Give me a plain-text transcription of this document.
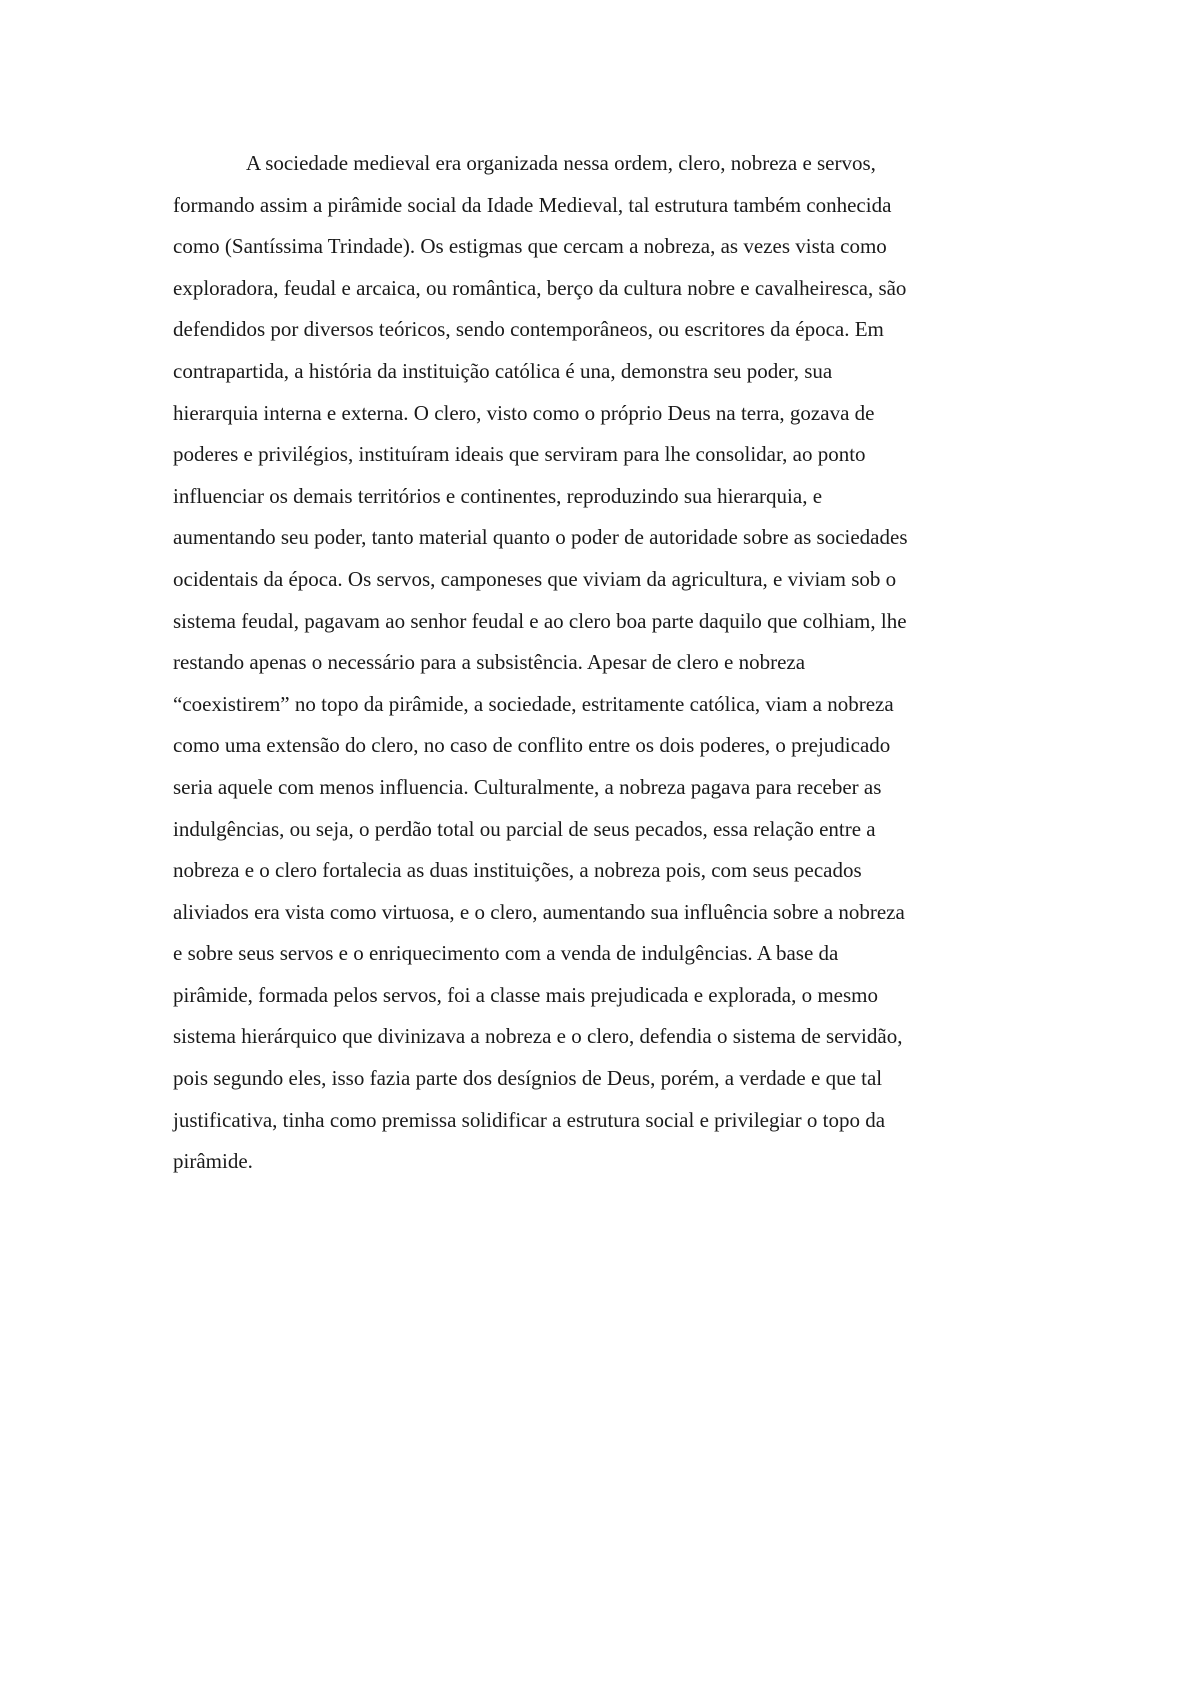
A sociedade medieval era organizada nessa ordem, clero, nobreza e servos,
formando assim a pirâmide social da Idade Medieval, tal estrutura também conhecida
como (Santíssima Trindade). Os estigmas que cercam a nobreza, as vezes vista como
exploradora, feudal e arcaica, ou romântica, berço da cultura nobre e cavalheiresca, são
defendidos por diversos teóricos, sendo contemporâneos, ou escritores da época. Em
contrapartida, a história da instituição católica é una, demonstra seu poder, sua
hierarquia interna e externa. O clero, visto como o próprio Deus na terra, gozava de
poderes e privilégios, instituíram ideais que serviram para lhe consolidar, ao ponto
influenciar os demais territórios e continentes, reproduzindo sua hierarquia, e
aumentando seu poder, tanto material quanto o poder de autoridade sobre as sociedades
ocidentais da época. Os servos, camponeses que viviam da agricultura, e viviam sob o
sistema feudal, pagavam ao senhor feudal e ao clero boa parte daquilo que colhiam, lhe
restando apenas o necessário para a subsistência. Apesar de clero e nobreza
“coexistirem” no topo da pirâmide, a sociedade, estritamente católica, viam a nobreza
como uma extensão do clero, no caso de conflito entre os dois poderes, o prejudicado
seria aquele com menos influencia. Culturalmente, a nobreza pagava para receber as
indulgências, ou seja, o perdão total ou parcial de seus pecados, essa relação entre a
nobreza e o clero fortalecia as duas instituições, a nobreza pois, com seus pecados
aliviados era vista como virtuosa, e o clero, aumentando sua influência sobre a nobreza
e sobre seus servos e o enriquecimento com a venda de indulgências. A base da
pirâmide, formada pelos servos, foi a classe mais prejudicada e explorada, o mesmo
sistema hierárquico que divinizava a nobreza e o clero, defendia o sistema de servidão,
pois segundo eles, isso fazia parte dos desígnios de Deus, porém, a verdade e que tal
justificativa, tinha como premissa solidificar a estrutura social e privilegiar o topo da
pirâmide.
